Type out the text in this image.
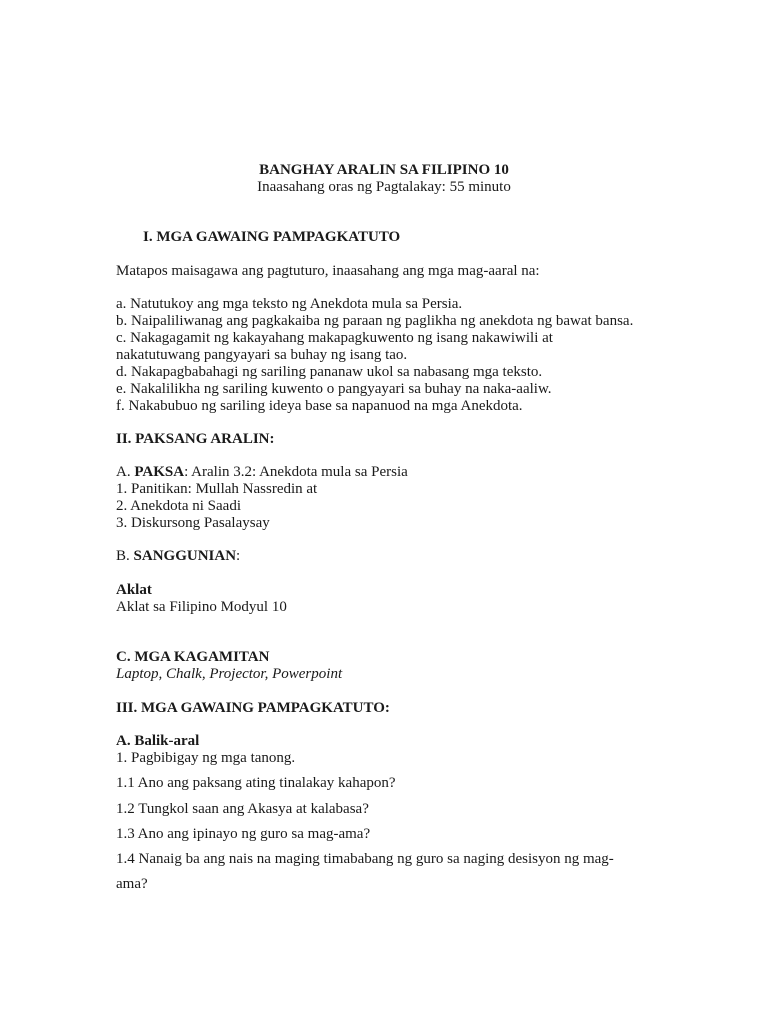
BANGHAY ARALIN SA FILIPINO 10
Inaasahang oras ng Pagtalakay: 55 minuto
I. MGA GAWAING PAMPAGKATUTO
Matapos maisagawa ang pagtuturo, inaasahang ang mga mag-aaral na:
a. Natutukoy ang mga teksto ng Anekdota mula sa Persia.
b. Naipaliliwanag ang pagkakaiba ng paraan ng paglikha ng anekdota ng bawat bansa.
c. Nakagagamit ng kakayahang makapagkuwento ng isang nakawiwili at
nakatutuwang pangyayari sa buhay ng isang tao.
d. Nakapagbabahagi ng sariling pananaw ukol sa nabasang mga teksto.
e. Nakalilikha ng sariling kuwento o pangyayari sa buhay na naka-aaliw.
f. Nakabubuo ng sariling ideya base sa napanuod na mga Anekdota.
II. PAKSANG ARALIN:
A. PAKSA: Aralin 3.2: Anekdota mula sa Persia
1. Panitikan: Mullah Nassredin at
2. Anekdota ni Saadi
3. Diskursong Pasalaysay
B. SANGGUNIAN:
Aklat
Aklat sa Filipino Modyul 10
C. MGA KAGAMITAN
Laptop, Chalk, Projector, Powerpoint
III. MGA GAWAING PAMPAGKATUTO:
A. Balik-aral
1. Pagbibigay ng mga tanong.
1.1 Ano ang paksang ating tinalakay kahapon?
1.2 Tungkol saan ang Akasya at kalabasa?
1.3 Ano ang ipinayo ng guro sa mag-ama?
1.4 Nanaig ba ang nais na maging timababang ng guro sa naging desisyon ng mag-
ama?
